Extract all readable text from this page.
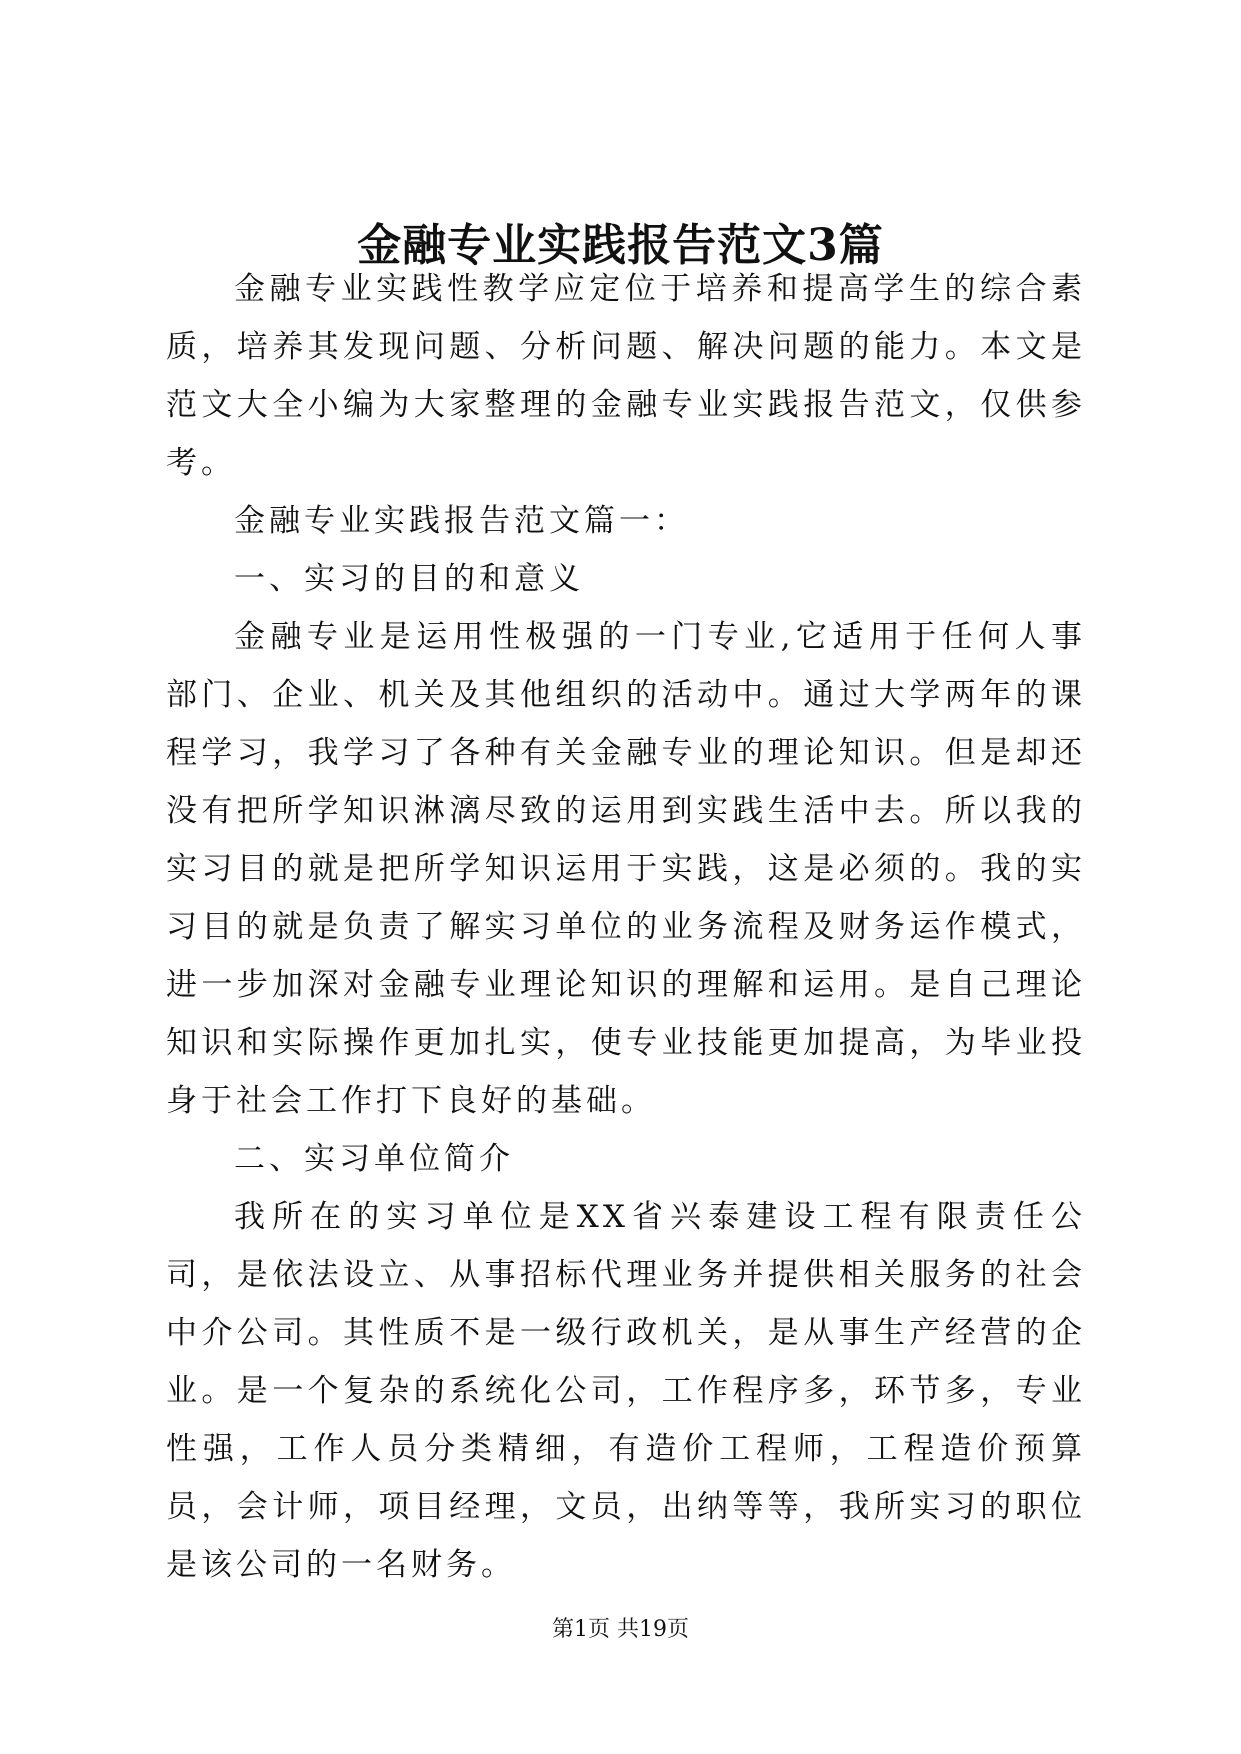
金融专业实践报告范文3篇

金融专业实践性教学应定位于培养和提高学生的综合素质，培养其发现问题、分析问题、解决问题的能力。本文是范文大全小编为大家整理的金融专业实践报告范文，仅供参考。

金融专业实践报告范文篇一：

一、实习的目的和意义

金融专业是运用性极强的一门专业,它适用于任何人事部门、企业、机关及其他组织的活动中。通过大学两年的课程学习，我学习了各种有关金融专业的理论知识。但是却还没有把所学知识淋漓尽致的运用到实践生活中去。所以我的实习目的就是把所学知识运用于实践，这是必须的。我的实习目的就是负责了解实习单位的业务流程及财务运作模式，进一步加深对金融专业理论知识的理解和运用。是自己理论知识和实际操作更加扎实，使专业技能更加提高，为毕业投身于社会工作打下良好的基础。

二、实习单位简介

我所在的实习单位是XX省兴泰建设工程有限责任公司，是依法设立、从事招标代理业务并提供相关服务的社会中介公司。其性质不是一级行政机关，是从事生产经营的企业。是一个复杂的系统化公司，工作程序多，环节多，专业性强，工作人员分类精细，有造价工程师，工程造价预算员，会计师，项目经理，文员，出纳等等，我所实习的职位是该公司的一名财务。

第1页 共19页
